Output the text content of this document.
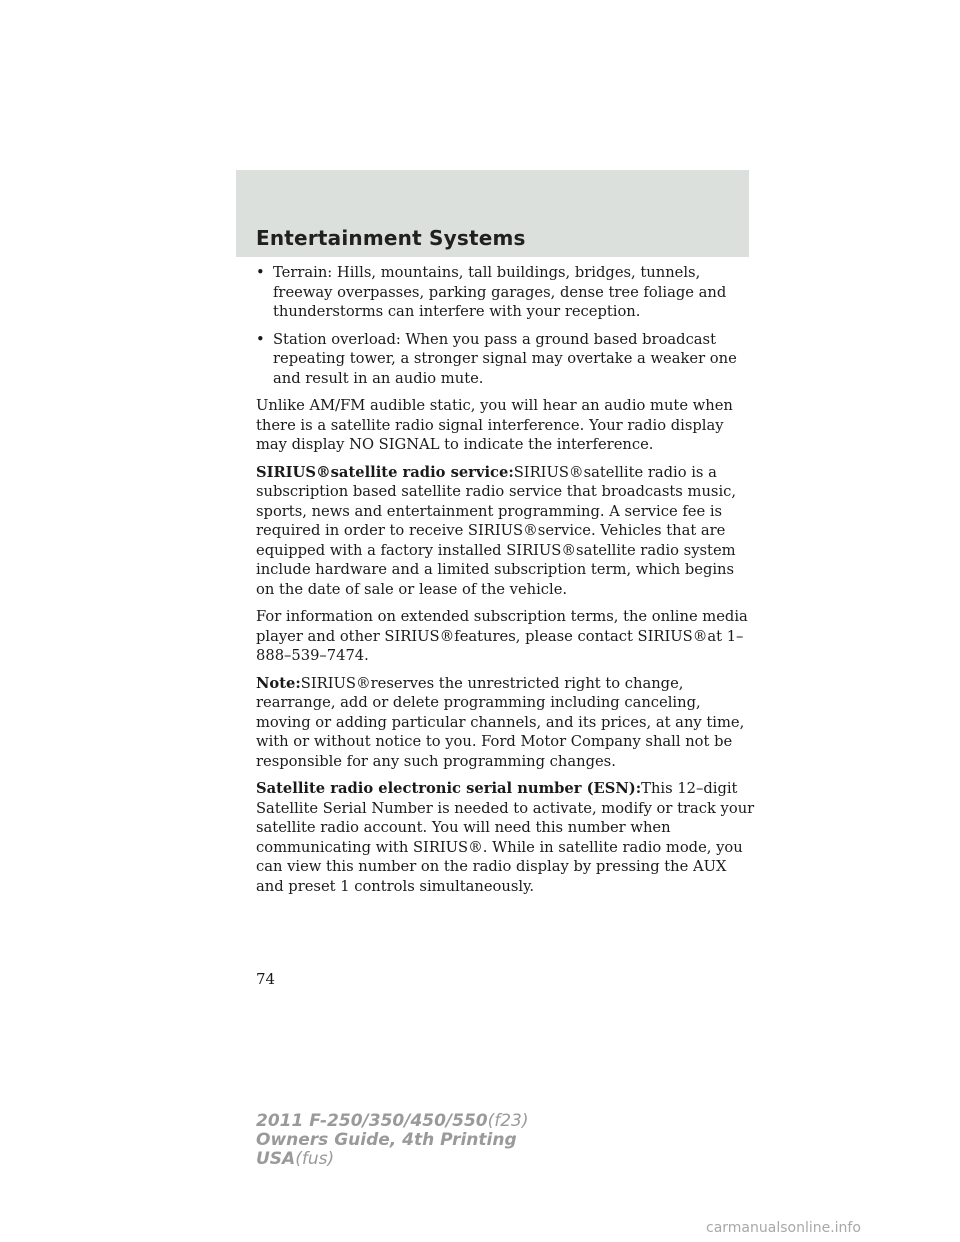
Entertainment Systems
• Terrain: Hills, mountains, tall buildings, bridges, tunnels, freeway overpasses, parking garages, dense tree foliage and thunderstorms can interfere with your reception.
• Station overload: When you pass a ground based broadcast repeating tower, a stronger signal may overtake a weaker one and result in an audio mute.

Unlike AM/FM audible static, you will hear an audio mute when there is a satellite radio signal interference. Your radio display may display NO SIGNAL to indicate the interference.

SIRIUS®satellite radio service:SIRIUS®satellite radio is a subscription based satellite radio service that broadcasts music, sports, news and entertainment programming. A service fee is required in order to receive SIRIUS®service. Vehicles that are equipped with a factory installed SIRIUS®satellite radio system include hardware and a limited subscription term, which begins on the date of sale or lease of the vehicle.

For information on extended subscription terms, the online media player and other SIRIUS®features, please contact SIRIUS®at 1–888–539–7474.

Note:SIRIUS®reserves the unrestricted right to change, rearrange, add or delete programming including canceling, moving or adding particular channels, and its prices, at any time, with or without notice to you. Ford Motor Company shall not be responsible for any such programming changes.

Satellite radio electronic serial number (ESN):This 12–digit Satellite Serial Number is needed to activate, modify or track your satellite radio account. You will need this number when communicating with SIRIUS®. While in satellite radio mode, you can view this number on the radio display by pressing the AUX and preset 1 controls simultaneously.

74
2011 F-250/350/450/550(f23)
Owners Guide, 4th Printing
USA(fus)
carmanualsonline.info
